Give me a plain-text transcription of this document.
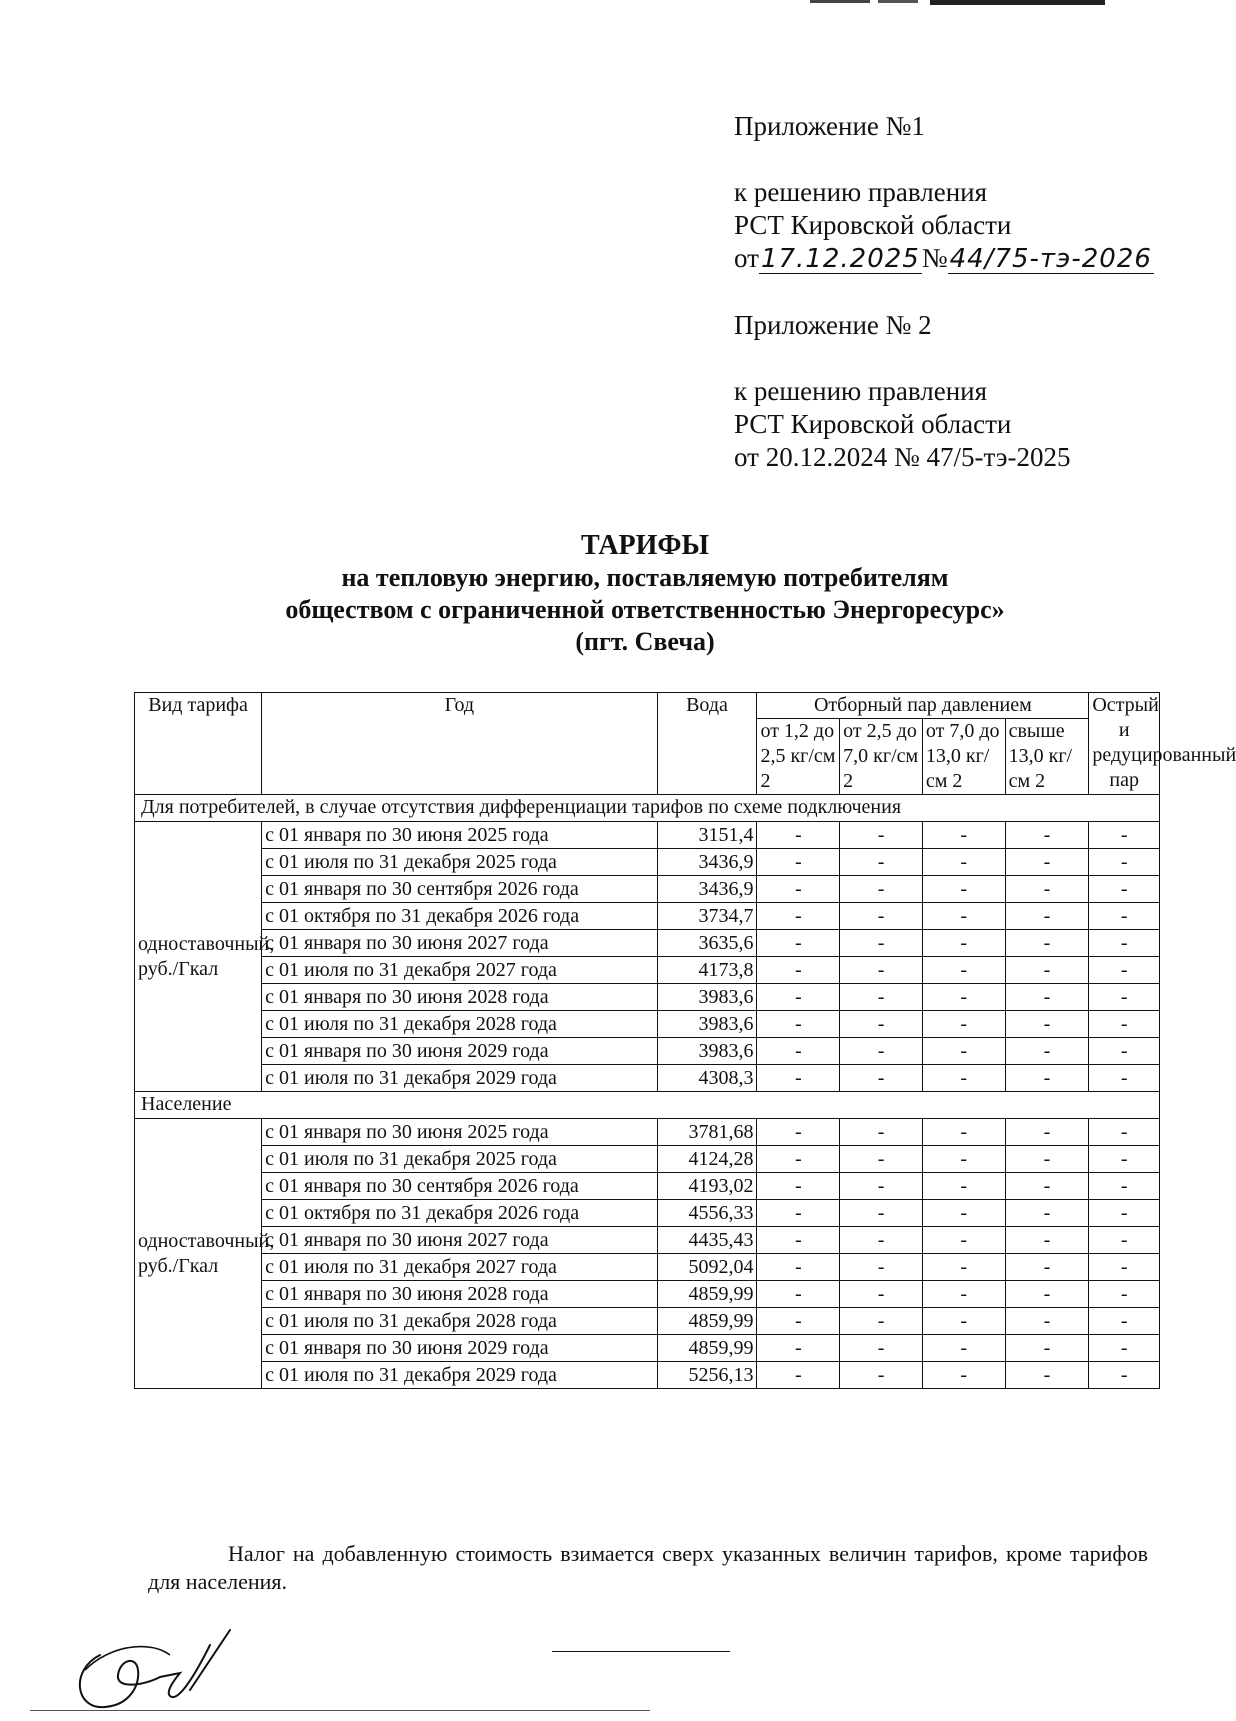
Приложение №1
к решению правления
РСТ Кировской области
от17.12.2025№44/75-тэ-2026
Приложение № 2
к решению правления
РСТ Кировской области
от 20.12.2024 № 47/5-тэ-2025
ТАРИФЫ
на тепловую энергию, поставляемую потребителям
обществом с ограниченной ответственностью Энергоресурс»
(пгт. Свеча)
Вид тарифа	Год	Вода	Отборный пар давлением				Острый и редуцированный пар
			от 1,2 до 2,5 кг/см 2	от 2,5 до 7,0 кг/см 2	от 7,0 до 13,0 кг/см 2	свыше 13,0 кг/см 2	
Для потребителей, в случае отсутствия дифференциации тарифов по схеме подключения							
одноставочный, руб./Гкал	с 01 января по 30 июня 2025 года	3151,4	-	-	-	-	-
	с 01 июля по 31 декабря 2025 года	3436,9	-	-	-	-	-
	с 01 января по 30 сентября 2026 года	3436,9	-	-	-	-	-
	с 01 октября по 31 декабря 2026 года	3734,7	-	-	-	-	-
	с 01 января по 30 июня 2027 года	3635,6	-	-	-	-	-
	с 01 июля по 31 декабря 2027 года	4173,8	-	-	-	-	-
	с 01 января по 30 июня 2028 года	3983,6	-	-	-	-	-
	с 01 июля по 31 декабря 2028 года	3983,6	-	-	-	-	-
	с 01 января по 30 июня 2029 года	3983,6	-	-	-	-	-
	с 01 июля по 31 декабря 2029 года	4308,3	-	-	-	-	-
Население							
одноставочный, руб./Гкал	с 01 января по 30 июня 2025 года	3781,68	-	-	-	-	-
	с 01 июля по 31 декабря 2025 года	4124,28	-	-	-	-	-
	с 01 января по 30 сентября 2026 года	4193,02	-	-	-	-	-
	с 01 октября по 31 декабря 2026 года	4556,33	-	-	-	-	-
	с 01 января по 30 июня 2027 года	4435,43	-	-	-	-	-
	с 01 июля по 31 декабря 2027 года	5092,04	-	-	-	-	-
	с 01 января по 30 июня 2028 года	4859,99	-	-	-	-	-
	с 01 июля по 31 декабря 2028 года	4859,99	-	-	-	-	-
	с 01 января по 30 июня 2029 года	4859,99	-	-	-	-	-
	с 01 июля по 31 декабря 2029 года	5256,13	-	-	-	-	-
Налог на добавленную стоимость взимается сверх указанных величин тарифов, кроме тарифов для населения.
